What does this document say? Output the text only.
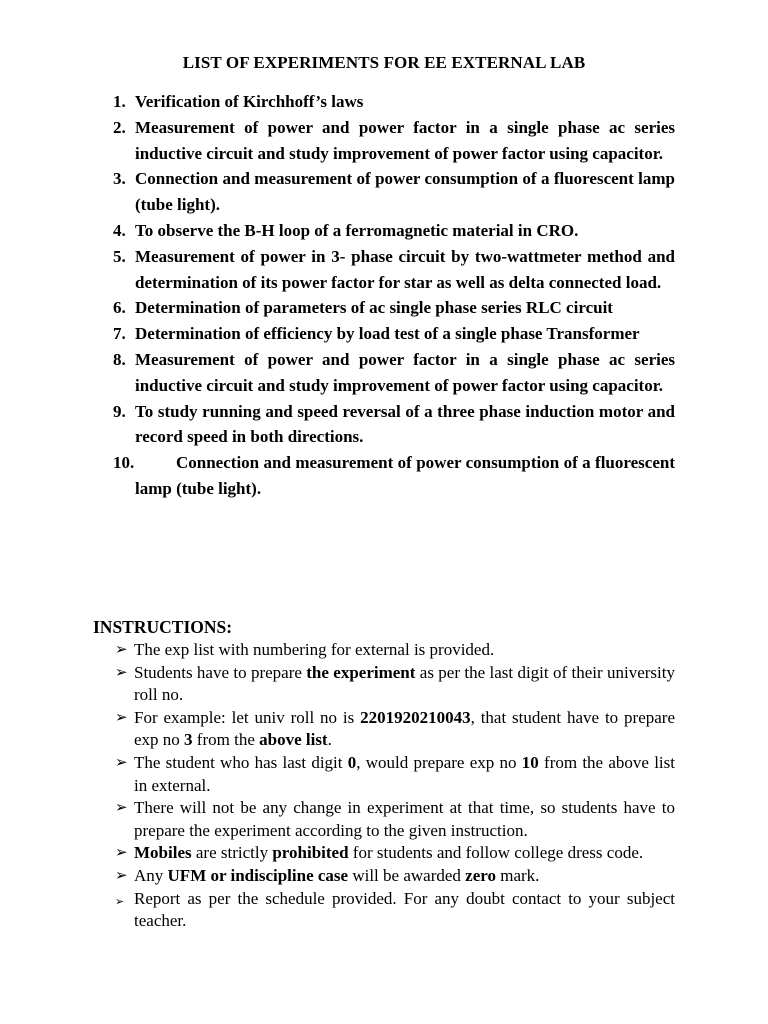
LIST OF EXPERIMENTS FOR EE EXTERNAL LAB
1. Verification of Kirchhoff’s laws
2. Measurement of power and power factor in a single phase ac series inductive circuit and study improvement of power factor using capacitor.
3. Connection and measurement of power consumption of a fluorescent lamp (tube light).
4. To observe the B-H loop of a ferromagnetic material in CRO.
5. Measurement of power in 3- phase circuit by two-wattmeter method and determination of its power factor for star as well as delta connected load.
6. Determination of parameters of ac single phase series RLC circuit
7. Determination of efficiency by load test of a single phase Transformer
8. Measurement of power and power factor in a single phase ac series inductive circuit and study improvement of power factor using capacitor.
9. To study running and speed reversal of a three phase induction motor and record speed in both directions.
10. Connection and measurement of power consumption of a fluorescent lamp (tube light).
INSTRUCTIONS:
➢ The exp list with numbering for external is provided.
➢ Students have to prepare the experiment as per the last digit of their university roll no.
➢ For example: let univ roll no is 2201920210043, that student have to prepare exp no 3 from the above list.
➢ The student who has last digit 0, would prepare exp no 10 from the above list in external.
➢ There will not be any change in experiment at that time, so students have to prepare the experiment according to the given instruction.
➢ Mobiles are strictly prohibited for students and follow college dress code.
➢ Any UFM or indiscipline case will be awarded zero mark.
➢ Report as per the schedule provided. For any doubt contact to your subject teacher.
